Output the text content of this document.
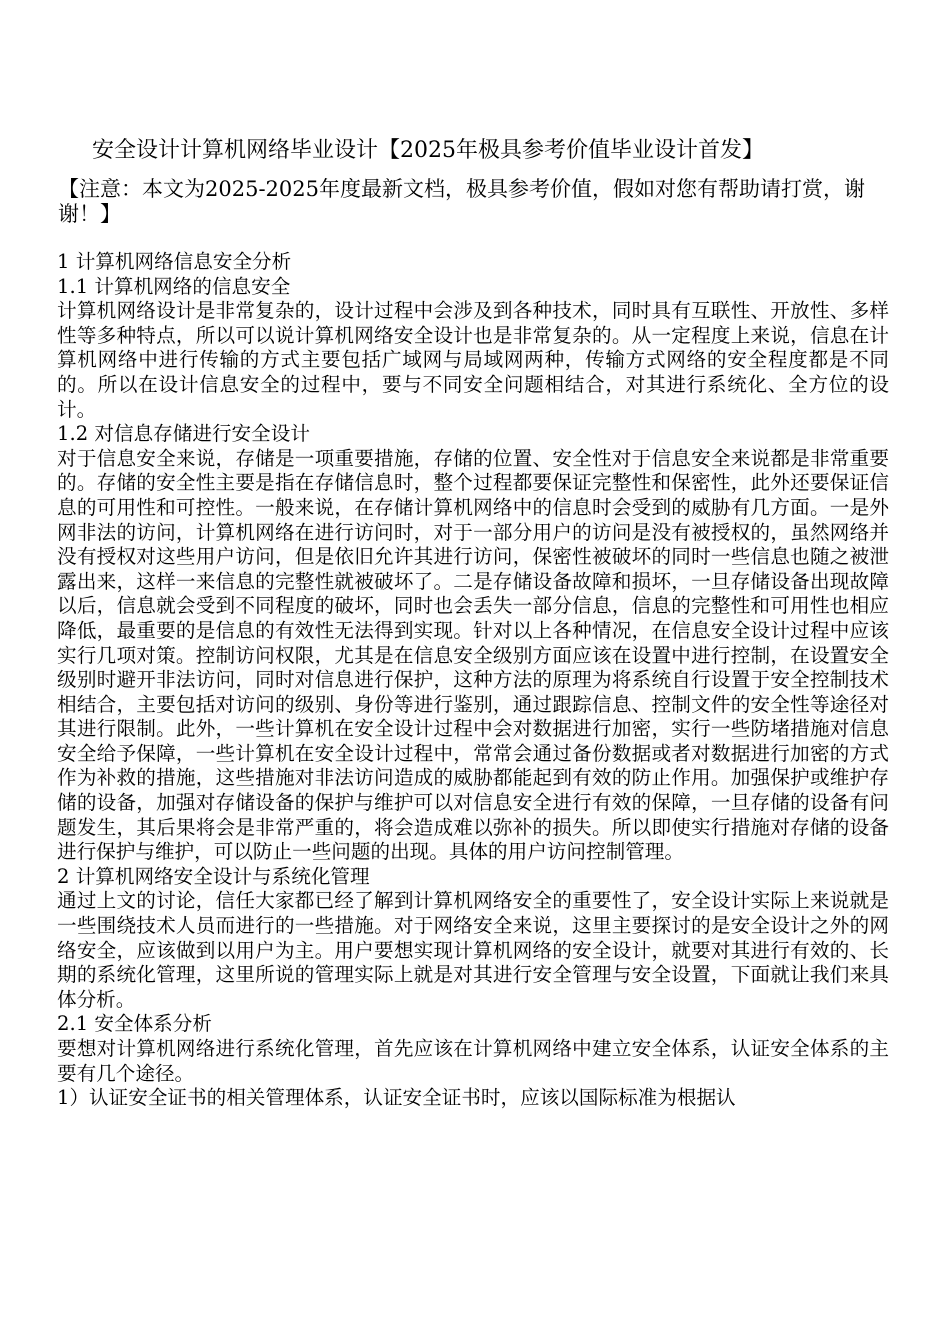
安全设计计算机网络毕业设计【2025年极具参考价值毕业设计首发】
【注意：本文为2025-2025年度最新文档，极具参考价值，假如对您有帮助请打赏，谢谢！】

1 计算机网络信息安全分析

1.1 计算机网络的信息安全

计算机网络设计是非常复杂的，设计过程中会涉及到各种技术，同时具有互联性、开放性、多样性等多种特点，所以可以说计算机网络安全设计也是非常复杂的。从一定程度上来说，信息在计算机网络中进行传输的方式主要包括广域网与局域网两种，传输方式网络的安全程度都是不同的。所以在设计信息安全的过程中，要与不同安全问题相结合，对其进行系统化、全方位的设计。

1.2 对信息存储进行安全设计

对于信息安全来说，存储是一项重要措施，存储的位置、安全性对于信息安全来说都是非常重要的。存储的安全性主要是指在存储信息时，整个过程都要保证完整性和保密性，此外还要保证信息的可用性和可控性。一般来说，在存储计算机网络中的信息时会受到的威胁有几方面。一是外网非法的访问，计算机网络在进行访问时，对于一部分用户的访问是没有被授权的，虽然网络并没有授权对这些用户访问，但是依旧允许其进行访问，保密性被破坏的同时一些信息也随之被泄露出来，这样一来信息的完整性就被破坏了。二是存储设备故障和损坏，一旦存储设备出现故障以后，信息就会受到不同程度的破坏，同时也会丢失一部分信息，信息的完整性和可用性也相应降低，最重要的是信息的有效性无法得到实现。针对以上各种情况，在信息安全设计过程中应该实行几项对策。控制访问权限，尤其是在信息安全级别方面应该在设置中进行控制，在设置安全级别时避开非法访问，同时对信息进行保护，这种方法的原理为将系统自行设置于安全控制技术相结合，主要包括对访问的级别、身份等进行鉴别，通过跟踪信息、控制文件的安全性等途径对其进行限制。此外，一些计算机在安全设计过程中会对数据进行加密，实行一些防堵措施对信息安全给予保障，一些计算机在安全设计过程中，常常会通过备份数据或者对数据进行加密的方式作为补救的措施，这些措施对非法访问造成的威胁都能起到有效的防止作用。加强保护或维护存储的设备，加强对存储设备的保护与维护可以对信息安全进行有效的保障，一旦存储的设备有问题发生，其后果将会是非常严重的，将会造成难以弥补的损失。所以即使实行措施对存储的设备进行保护与维护，可以防止一些问题的出现。具体的用户访问控制管理。

2 计算机网络安全设计与系统化管理

通过上文的讨论，信任大家都已经了解到计算机网络安全的重要性了，安全设计实际上来说就是一些围绕技术人员而进行的一些措施。对于网络安全来说，这里主要探讨的是安全设计之外的网络安全，应该做到以用户为主。用户要想实现计算机网络的安全设计，就要对其进行有效的、长期的系统化管理，这里所说的管理实际上就是对其进行安全管理与安全设置，下面就让我们来具体分析。

2.1 安全体系分析

要想对计算机网络进行系统化管理，首先应该在计算机网络中建立安全体系，认证安全体系的主要有几个途径。

1）认证安全证书的相关管理体系，认证安全证书时，应该以国际标准为根据认
